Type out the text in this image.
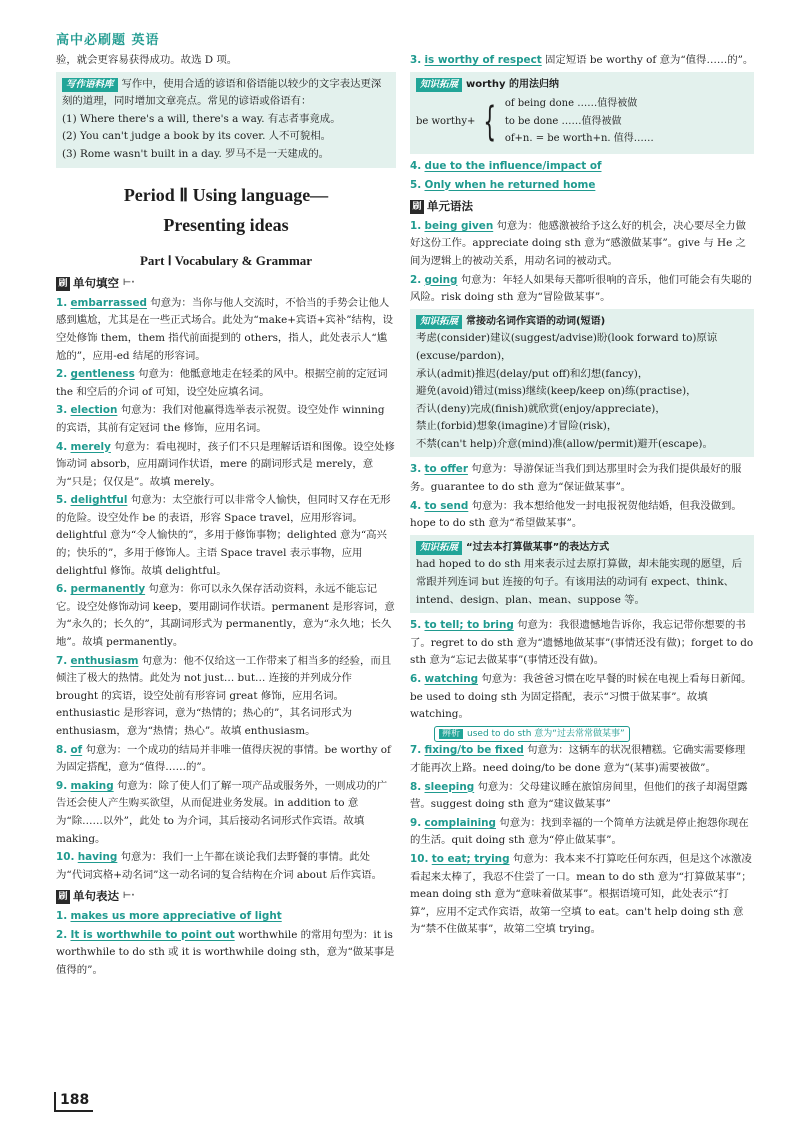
高中必刷题 英语

验，就会更容易获得成功。故选 D 项。

写作语料库 写作中，使用合适的谚语和俗语能以较少的文字表达更深刻的道理，同时增加文章亮点。常见的谚语或俗语有：

(1) Where there's a will, there's a way. 有志者事竟成。

(2) You can't judge a book by its cover. 人不可貌相。

(3) Rome wasn't built in a day. 罗马不是一天建成的。

Period Ⅱ Using language—
Presenting ideas
Part Ⅰ Vocabulary & Grammar
刷 单句填空 ⊢·

1. embarrassed 句意为：当你与他人交流时，不恰当的手势会让他人感到尴尬，尤其是在一些正式场合。此处为“make+宾语+宾补”结构，设空处修饰 them，them 指代前面提到的 others，指人，此处表示人“尴尬的”，应用-ed 结尾的形容词。

2. gentleness 句意为：他骶意地走在轻柔的风中。根据空前的定冠词 the 和空后的介词 of 可知，设空处应填名词。

3. election 句意为：我们对他赢得选举表示祝贺。设空处作 winning 的宾语，其前有定冠词 the 修饰，应用名词。

4. merely 句意为：看电视时，孩子们不只是理解话语和图像。设空处修饰动词 absorb，应用副词作状语，mere 的副词形式是 merely，意为“只是；仅仅是”。故填 merely。

5. delightful 句意为：太空旅行可以非常令人愉快，但同时又存在无形的危险。设空处作 be 的表语，形容 Space travel，应用形容词。delightful 意为“令人愉快的”，多用于修饰事物；delighted 意为“高兴的；快乐的”，多用于修饰人。主语 Space travel 表示事物，应用 delightful 修饰。故填 delightful。

6. permanently 句意为：你可以永久保存活动资料，永远不能忘记它。设空处修饰动词 keep，要用副词作状语。permanent 是形容词，意为“永久的；长久的”，其副词形式为 permanently，意为“永久地；长久地”。故填 permanently。

7. enthusiasm 句意为：他不仅给这一工作带来了相当多的经验，而且倾注了极大的热情。此处为 not just… but… 连接的并列成分作 brought 的宾语，设空处前有形容词 great 修饰，应用名词。enthusiastic 是形容词，意为“热情的；热心的”，其名词形式为 enthusiasm，意为“热情；热心”。故填 enthusiasm。

8. of 句意为：一个成功的结局并非唯一值得庆祝的事情。be worthy of 为固定搭配，意为“值得……的”。

9. making 句意为：除了使人们了解一项产品或服务外，一则成功的广告还会使人产生购买欲望，从而促进业务发展。in addition to 意为“除……以外”，此处 to 为介词，其后接动名词形式作宾语。故填 making。

10. having 句意为：我们一上午都在谈论我们去野餐的事情。此处为“代词宾格+动名词”这一动名词的复合结构在介词 about 后作宾语。

刷 单句表达 ⊢·

1. makes us more appreciative of light

2. It is worthwhile to point out worthwhile 的常用句型为：it is worthwhile to do sth 或 it is worthwhile doing sth，意为“做某事是值得的”。

3. is worthy of respect 固定短语 be worthy of 意为“值得……的”。

知识拓展 worthy 的用法归纳

be worthy+ { of being done ……值得被做
to be done ……值得被做
of+n. = be worth+n. 值得……

4. due to the influence/impact of

5. Only when he returned home

刷 单元语法

1. being given 句意为：他感激被给予这么好的机会，决心要尽全力做好这份工作。appreciate doing sth 意为“感激做某事”。give 与 He 之间为逻辑上的被动关系，用动名词的被动式。

2. going 句意为：年轻人如果每天都听很响的音乐，他们可能会有失聪的风险。risk doing sth 意为“冒险做某事”。

知识拓展 常接动名词作宾语的动词(短语)

考虑(consider)建议(suggest/advise)盼(look forward to)原谅(excuse/pardon)，

承认(admit)推迟(delay/put off)和幻想(fancy)，

避免(avoid)错过(miss)继续(keep/keep on)练(practise)，

否认(deny)完成(finish)就欣赏(enjoy/appreciate)，

禁止(forbid)想象(imagine)才冒险(risk)，

不禁(can't help)介意(mind)准(allow/permit)避开(escape)。

3. to offer 句意为：导游保证当我们到达那里时会为我们提供最好的服务。guarantee to do sth 意为“保证做某事”。

4. to send 句意为：我本想给他发一封电报祝贺他结婚，但我没做到。hope to do sth 意为“希望做某事”。

知识拓展 “过去本打算做某事”的表达方式

had hoped to do sth 用来表示过去原打算做，却未能实现的愿望，后常跟并列连词 but 连接的句子。有该用法的动词有 expect、think、intend、design、plan、mean、suppose 等。

5. to tell; to bring 句意为：我很遗憾地告诉你，我忘记带你想要的书了。regret to do sth 意为“遗憾地做某事”(事情还没有做)；forget to do sth 意为“忘记去做某事”(事情还没有做)。

6. watching 句意为：我爸爸习惯在吃早餐的时候在电视上看每日新闻。be used to doing sth 为固定搭配，表示“习惯于做某事”。故填 watching。

辨析 used to do sth 意为“过去常常做某事”

7. fixing/to be fixed 句意为：这辆车的状况很糟糕。它确实需要修理才能再次上路。need doing/to be done 意为“(某事)需要被做”。

8. sleeping 句意为：父母建议睡在旅馆房间里，但他们的孩子却渴望露营。suggest doing sth 意为“建议做某事”

9. complaining 句意为：找到幸福的一个简单方法就是停止抱怨你现在的生活。quit doing sth 意为“停止做某事”。

10. to eat; trying 句意为：我本来不打算吃任何东西，但是这个冰激凌看起来太棒了，我忍不住尝了一口。mean to do sth 意为“打算做某事”；mean doing sth 意为“意味着做某事”。根据语境可知，此处表示“打算”，应用不定式作宾语，故第一空填 to eat。can't help doing sth 意为“禁不住做某事”，故第二空填 trying。

188
